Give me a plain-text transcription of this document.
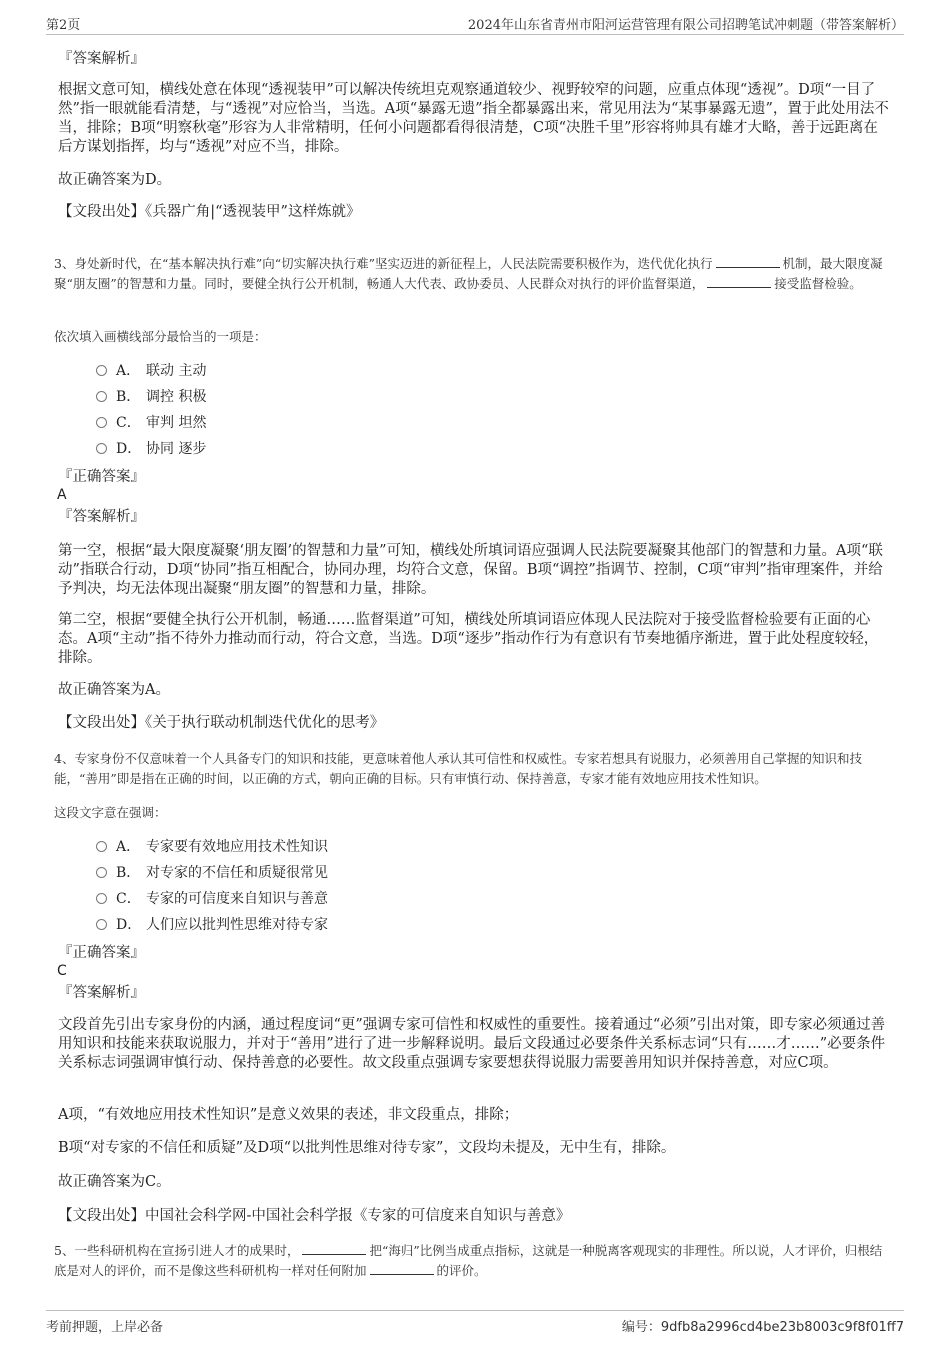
第2页	2024年山东省青州市阳河运营管理有限公司招聘笔试冲刺题（带答案解析）
『答案解析』
根据文意可知，横线处意在体现“透视装甲”可以解决传统坦克观察通道较少、视野较窄的问题，应重点体现“透视”。D项“一目了然”指一眼就能看清楚，与“透视”对应恰当，当选。A项“暴露无遗”指全都暴露出来，常见用法为“某事暴露无遗”，置于此处用法不当，排除；B项“明察秋毫”形容为人非常精明，任何小问题都看得很清楚，C项“决胜千里”形容将帅具有雄才大略，善于远距离在后方谋划指挥，均与“透视”对应不当，排除。
故正确答案为D。
【文段出处】《兵器广角|“透视装甲”这样炼就》
3、身处新时代，在“基本解决执行难”向“切实解决执行难”坚实迈进的新征程上，人民法院需要积极作为，迭代优化执行	机制，最大限度凝聚“朋友圈”的智慧和力量。同时，要健全执行公开机制，畅通人大代表、政协委员、人民群众对执行的评价监督渠道，	接受监督检验。
依次填入画横线部分最恰当的一项是：
A． 联动 主动
B． 调控 积极
C． 审判 坦然
D． 协同 逐步
『正确答案』
A
『答案解析』
第一空，根据“最大限度凝聚‘朋友圈’的智慧和力量”可知，横线处所填词语应强调人民法院要凝聚其他部门的智慧和力量。A项“联动”指联合行动，D项“协同”指互相配合，协同办理，均符合文意，保留。B项“调控”指调节、控制，C项“审判”指审理案件，并给予判决，均无法体现出凝聚“朋友圈”的智慧和力量，排除。
第二空，根据“要健全执行公开机制，畅通……监督渠道”可知，横线处所填词语应体现人民法院对于接受监督检验要有正面的心态。A项“主动”指不待外力推动而行动，符合文意，当选。D项“逐步”指动作行为有意识有节奏地循序渐进，置于此处程度较轻，排除。
故正确答案为A。
【文段出处】《关于执行联动机制迭代优化的思考》
4、专家身份不仅意味着一个人具备专门的知识和技能，更意味着他人承认其可信性和权威性。专家若想具有说服力，必须善用自己掌握的知识和技能，“善用”即是指在正确的时间，以正确的方式，朝向正确的目标。只有审慎行动、保持善意，专家才能有效地应用技术性知识。
这段文字意在强调：
A． 专家要有效地应用技术性知识
B． 对专家的不信任和质疑很常见
C． 专家的可信度来自知识与善意
D． 人们应以批判性思维对待专家
『正确答案』
C
『答案解析』
文段首先引出专家身份的内涵，通过程度词“更”强调专家可信性和权威性的重要性。接着通过“必须”引出对策，即专家必须通过善用知识和技能来获取说服力，并对于“善用”进行了进一步解释说明。最后文段通过必要条件关系标志词“只有……才……”必要条件关系标志词强调审慎行动、保持善意的必要性。故文段重点强调专家要想获得说服力需要善用知识并保持善意，对应C项。
A项，“有效地应用技术性知识”是意义效果的表述，非文段重点，排除；
B项“对专家的不信任和质疑”及D项“以批判性思维对待专家”，文段均未提及，无中生有，排除。
故正确答案为C。
【文段出处】中国社会科学网-中国社会科学报《专家的可信度来自知识与善意》
5、一些科研机构在宣扬引进人才的成果时，	把“海归”比例当成重点指标，这就是一种脱离客观现实的非理性。所以说，人才评价，归根结底是对人的评价，而不是像这些科研机构一样对任何附加	的评价。
考前押题，上岸必备	编号：9dfb8a2996cd4be23b8003c9f8f01ff7
